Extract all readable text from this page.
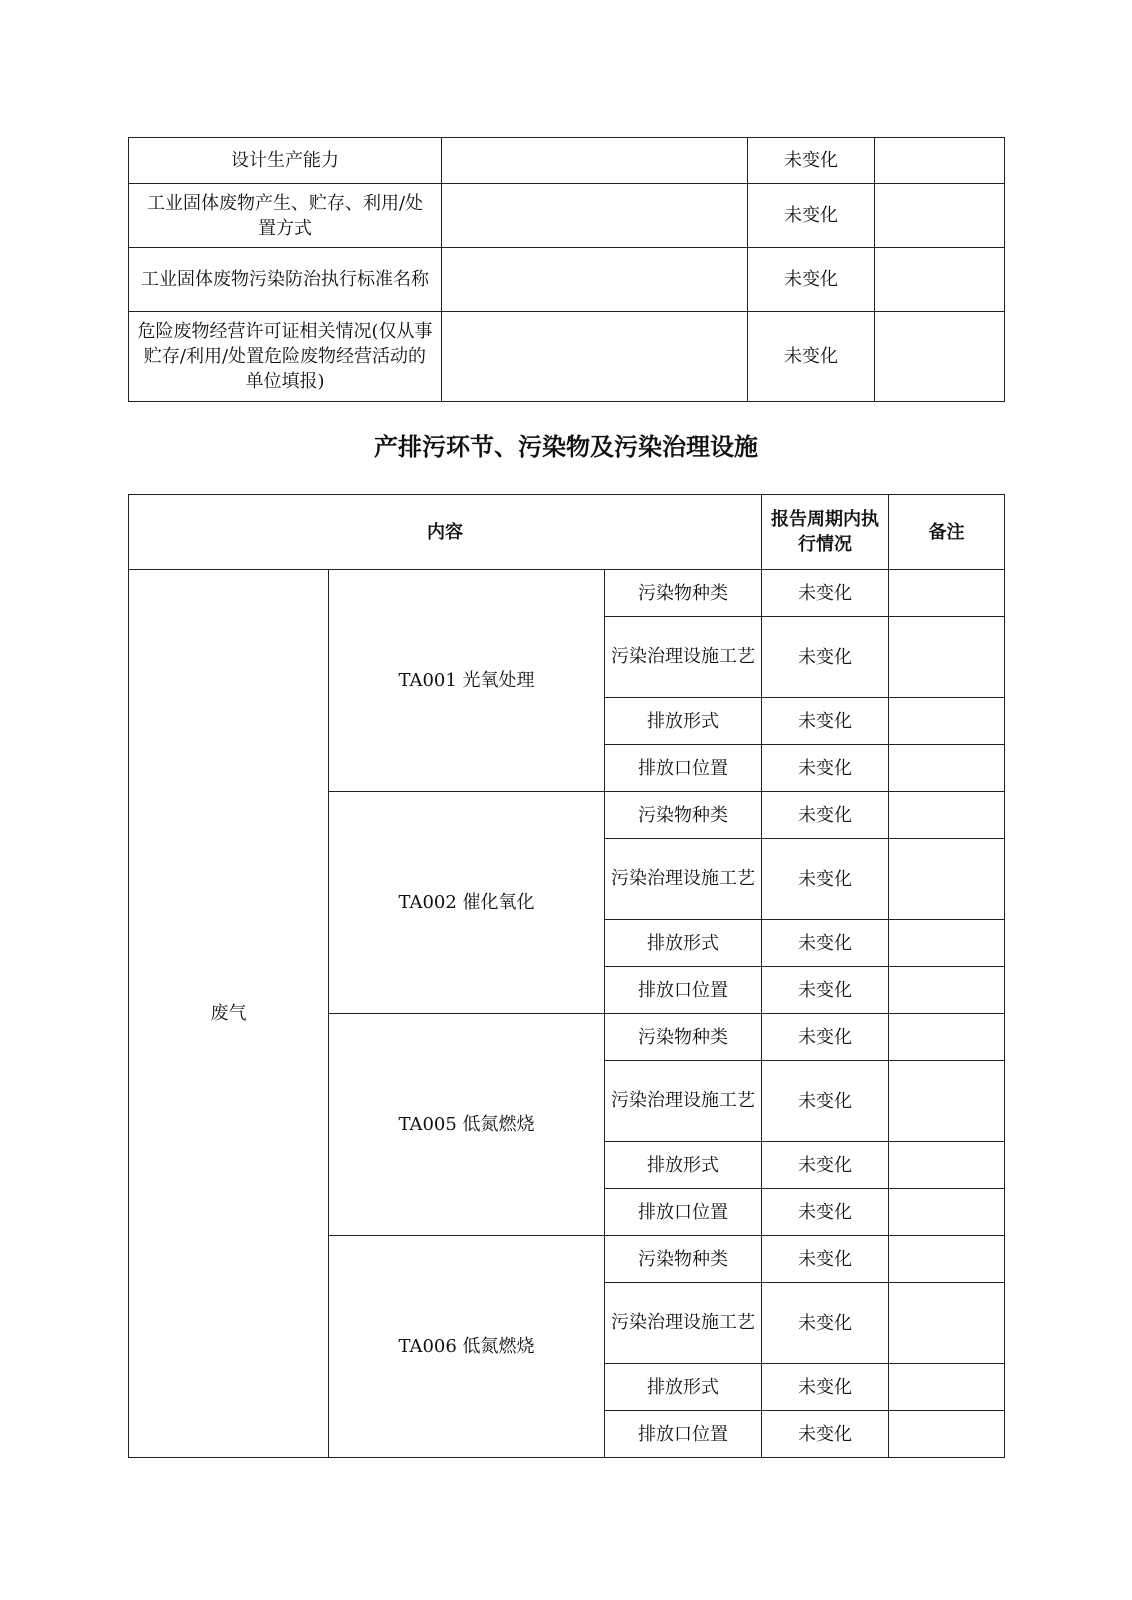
设计生产能力		未变化	
工业固体废物产生、贮存、利用/处置方式		未变化	
工业固体废物污染防治执行标准名称		未变化	
危险废物经营许可证相关情况(仅从事贮存/利用/处置危险废物经营活动的单位填报)		未变化	
产排污环节、污染物及污染治理设施
内容			报告周期内执行情况	备注
废气	TA001 光氧处理	污染物种类	未变化	
		污染治理设施工艺	未变化	
		排放形式	未变化	
		排放口位置	未变化	
	TA002 催化氧化	污染物种类	未变化	
		污染治理设施工艺	未变化	
		排放形式	未变化	
		排放口位置	未变化	
	TA005 低氮燃烧	污染物种类	未变化	
		污染治理设施工艺	未变化	
		排放形式	未变化	
		排放口位置	未变化	
	TA006 低氮燃烧	污染物种类	未变化	
		污染治理设施工艺	未变化	
		排放形式	未变化	
		排放口位置	未变化	
